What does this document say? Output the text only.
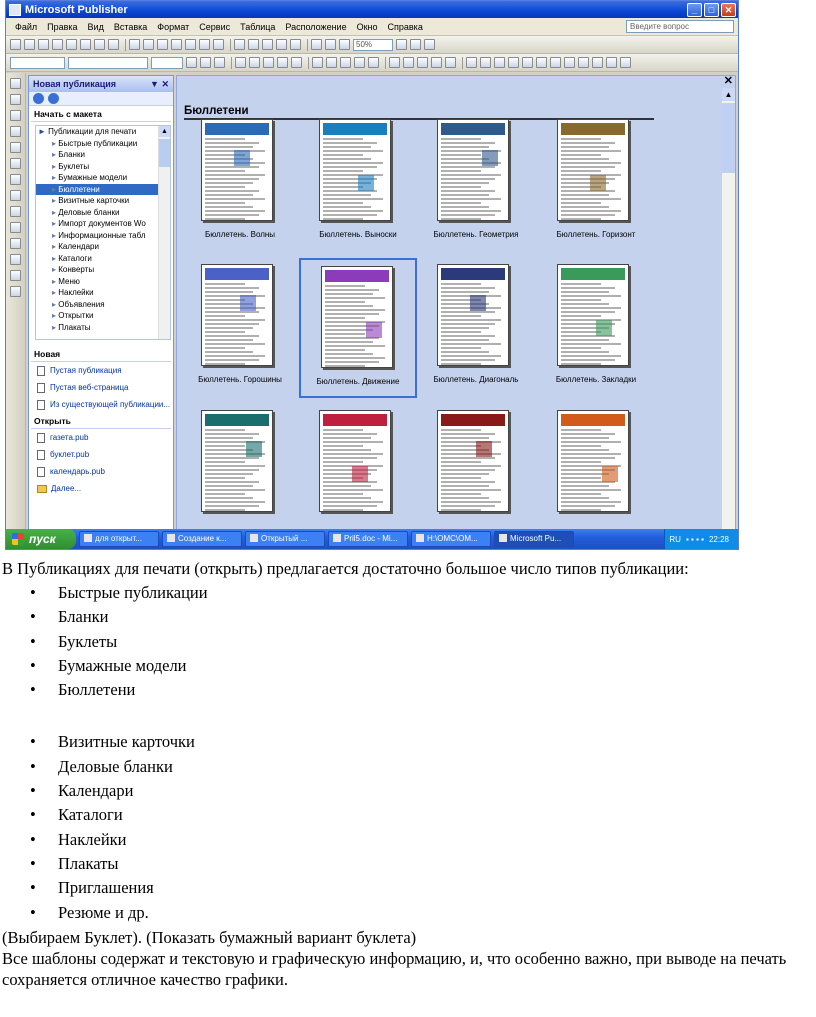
Microsoft Publisher	_	□	✕
Файл	Правка	Вид	Вставка	Формат	Сервис	Таблица	Расположение	Окно	Справка	Введите вопрос
50%
Новая публикация	▼ ✕
Начать с макета
► Публикации для печати
▸ Быстрые публикации
▸ Бланки
▸ Буклеты
▸ Бумажные модели
▸ Бюллетени
▸ Визитные карточки
▸ Деловые бланки
▸ Импорт документов Wo
▸ Информационные табл
▸ Календари
▸ Каталоги
▸ Конверты
▸ Меню
▸ Наклейки
▸ Объявления
▸ Открытки
▸ Плакаты
▲
Новая
Пустая публикация
Пустая веб-страница
Из существующей публикации...
Открыть
газета.pub
буклет.pub
календарь.pub
Далее...
✕
Бюллетени
Бюллетень. Волны	Бюллетень. Выноски	Бюллетень. Геометрия	Бюллетень. Горизонт
Бюллетень. Горошины	Бюллетень. Движение	Бюллетень. Диагональ	Бюллетень. Закладки
▲
пуск	для открыт...	Создание к...	Открытый ...	Pril5.doc - Mi...	H:\OMC\OM...	Microsoft Pu...	RU ▪ ▪ ▪ ▪ 22:28

В Публикациях для печати (открыть) предлагается достаточно большое число типов публикации:

•	Быстрые публикации
•	Бланки
•	Буклеты
•	Бумажные модели
•	Бюллетени
•	Визитные карточки
•	Деловые бланки
•	Календари
•	Каталоги
•	Наклейки
•	Плакаты
•	Приглашения
•	Резюме и др.

(Выбираем Буклет). (Показать бумажный вариант буклета)

Все шаблоны содержат и текстовую и графическую информацию, и, что особенно важно, при выводе на печать сохраняется отличное качество графики.
